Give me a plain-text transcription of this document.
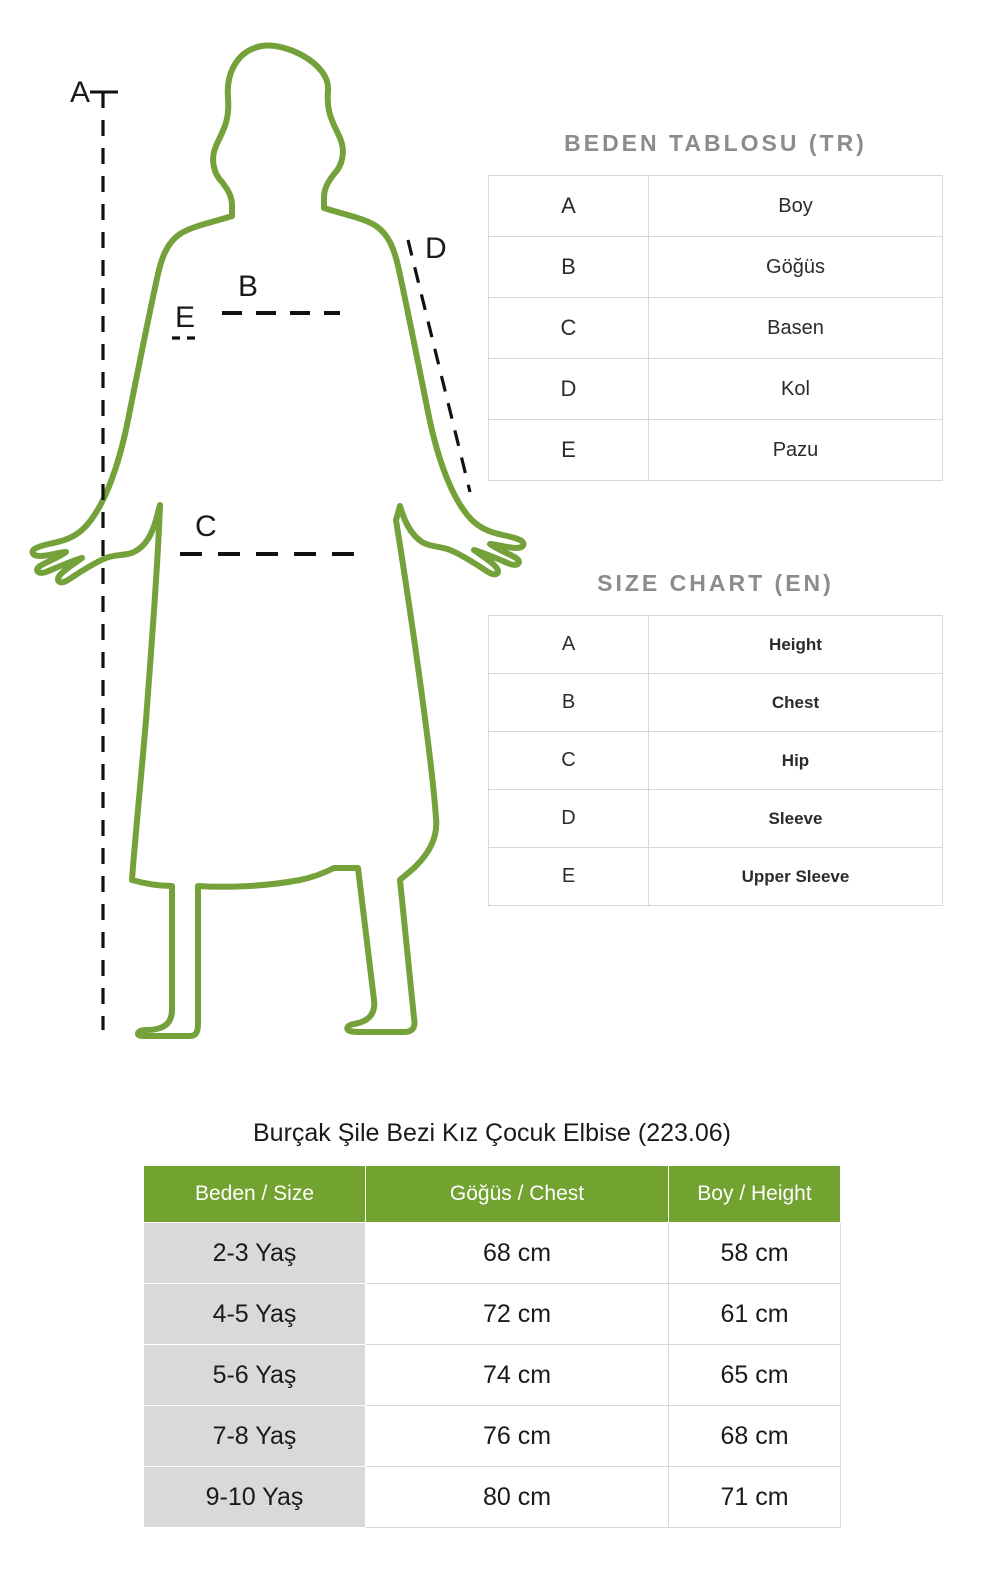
A
B
C
D
E
BEDEN TABLOSU (TR)
A	Boy
B	Göğüs
C	Basen
D	Kol
E	Pazu
SIZE CHART (EN)
A	Height
B	Chest
C	Hip
D	Sleeve
E	Upper Sleeve
Burçak Şile Bezi Kız Çocuk Elbise (223.06)		
Beden / Size	Göğüs / Chest	Boy / Height
2-3 Yaş	68 cm	58 cm
4-5 Yaş	72 cm	61 cm
5-6 Yaş	74 cm	65 cm
7-8 Yaş	76 cm	68 cm
9-10 Yaş	80 cm	71 cm
